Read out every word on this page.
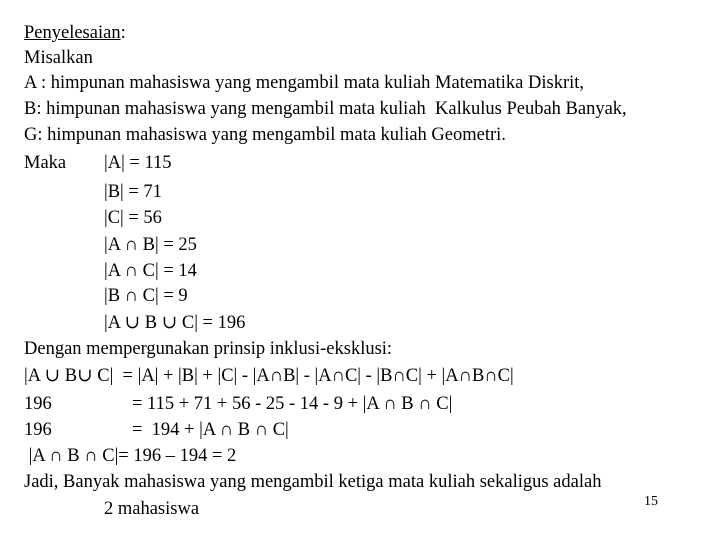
Penyelesaian:
Misalkan
A : himpunan mahasiswa yang mengambil mata kuliah Matematika Diskrit,
B: himpunan mahasiswa yang mengambil mata kuliah  Kalkulus Peubah Banyak,
G: himpunan mahasiswa yang mengambil mata kuliah Geometri.
Maka |A| = 115
|B| = 71
|C| = 56
|A ∩ B| = 25
|A ∩ C| = 14
|B ∩ C| = 9
|A ∪ B ∪ C| = 196
Dengan mempergunakan prinsip inklusi-eksklusi:
|A ∪ B∪ C|  = |A| + |B| + |C| - |A∩B| - |A∩C| - |B∩C| + |A∩B∩C|
196	= 115 + 71 + 56 - 25 - 14 - 9 + |A ∩ B ∩ C|
196	=  194 + |A ∩ B ∩ C|
|A ∩ B ∩ C|= 196 – 194 = 2
Jadi, Banyak mahasiswa yang mengambil ketiga mata kuliah sekaligus adalah
2 mahasiswa	15
